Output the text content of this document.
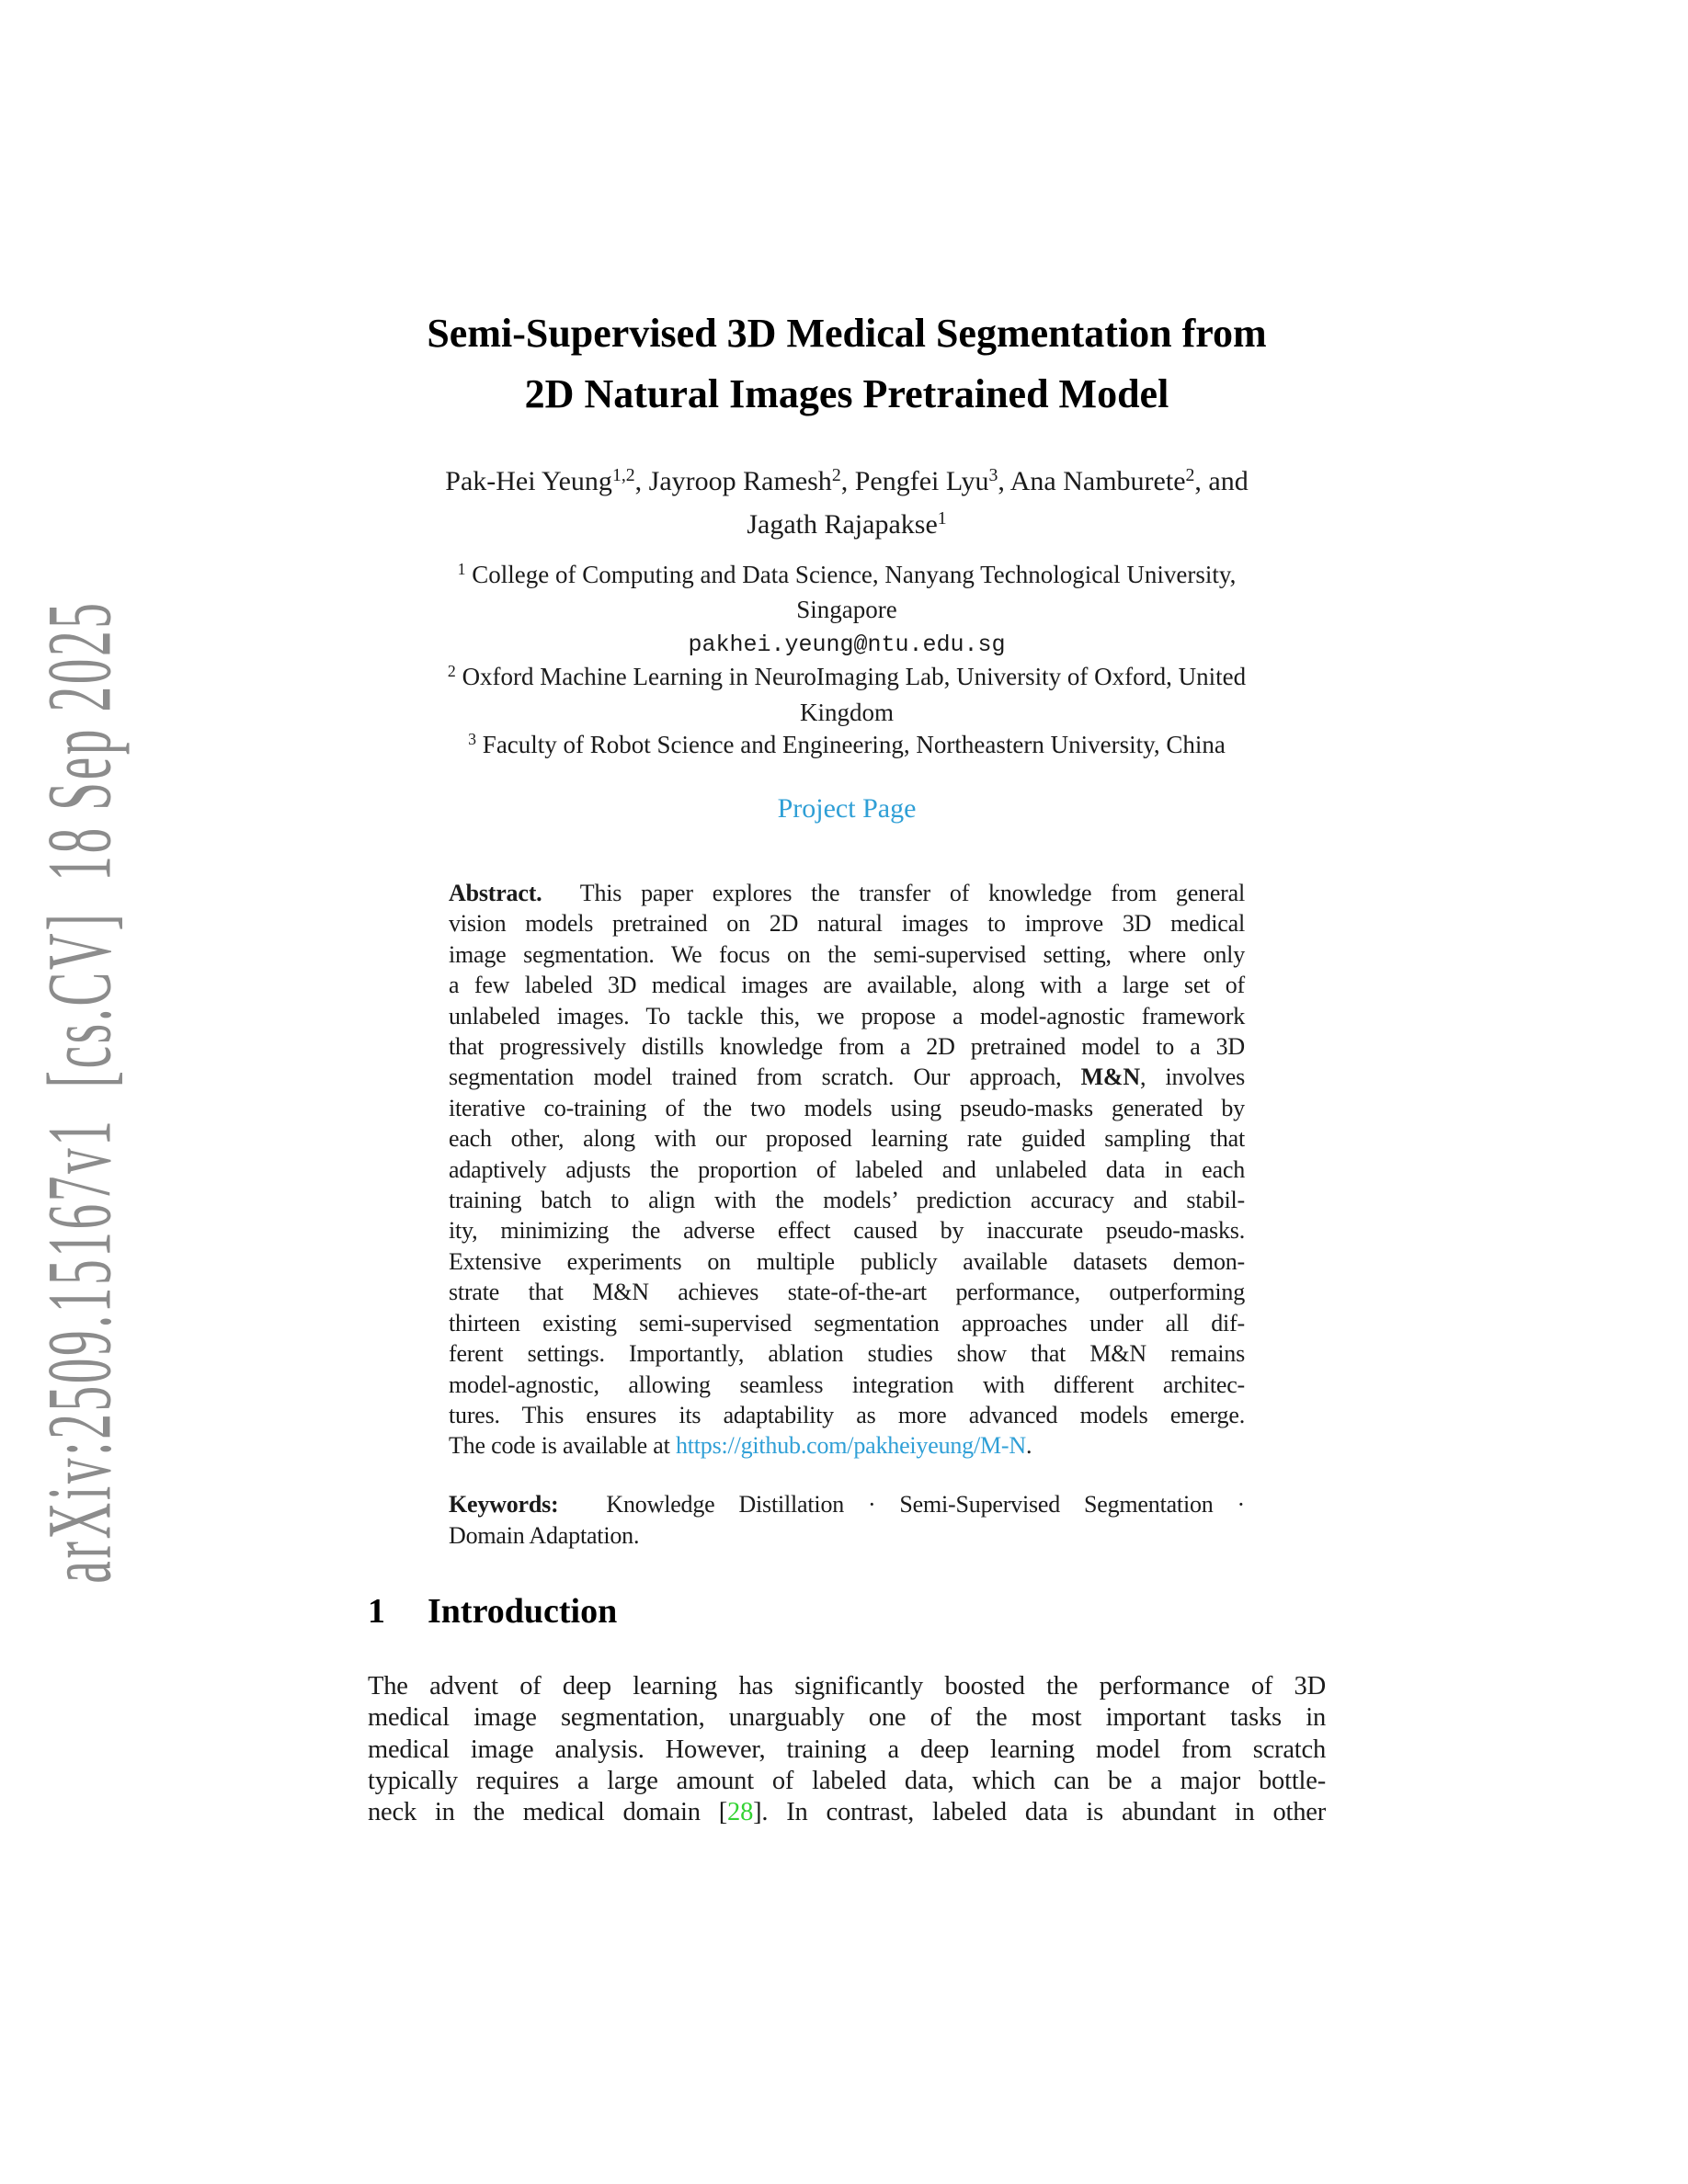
arXiv:2509.15167v1  [cs.CV]  18 Sep 2025
Semi-Supervised 3D Medical Segmentation from
2D Natural Images Pretrained Model
Pak-Hei Yeung$^{1,2}$, Jayroop Ramesh$^2$, Pengfei Lyu$^3$, Ana Namburete$^2$, and
Jagath Rajapakse$^1$
$^1$ College of Computing and Data Science, Nanyang Technological University,
Singapore
pakhei.yeung@ntu.edu.sg
$^2$ Oxford Machine Learning in NeuroImaging Lab, University of Oxford, United
Kingdom
$^3$ Faculty of Robot Science and Engineering, Northeastern University, China
Project Page
Abstract.  This paper explores the transfer of knowledge from general
vision models pretrained on 2D natural images to improve 3D medical
image segmentation. We focus on the semi-supervised setting, where only
a few labeled 3D medical images are available, along with a large set of
unlabeled images. To tackle this, we propose a model-agnostic framework
that progressively distills knowledge from a 2D pretrained model to a 3D
segmentation model trained from scratch. Our approach, M&N, involves
iterative co-training of the two models using pseudo-masks generated by
each other, along with our proposed learning rate guided sampling that
adaptively adjusts the proportion of labeled and unlabeled data in each
training batch to align with the models’ prediction accuracy and stabil-
ity, minimizing the adverse effect caused by inaccurate pseudo-masks.
Extensive experiments on multiple publicly available datasets demon-
strate that M&N achieves state-of-the-art performance, outperforming
thirteen existing semi-supervised segmentation approaches under all dif-
ferent settings. Importantly, ablation studies show that M&N remains
model-agnostic, allowing seamless integration with different architec-
tures. This ensures its adaptability as more advanced models emerge.
The code is available at https://github.com/pakheiyeung/M-N.
Keywords:  Knowledge Distillation · Semi-Supervised Segmentation ·
Domain Adaptation.
1 Introduction
The advent of deep learning has significantly boosted the performance of 3D
medical image segmentation, unarguably one of the most important tasks in
medical image analysis. However, training a deep learning model from scratch
typically requires a large amount of labeled data, which can be a major bottle-
neck in the medical domain [28]. In contrast, labeled data is abundant in other
